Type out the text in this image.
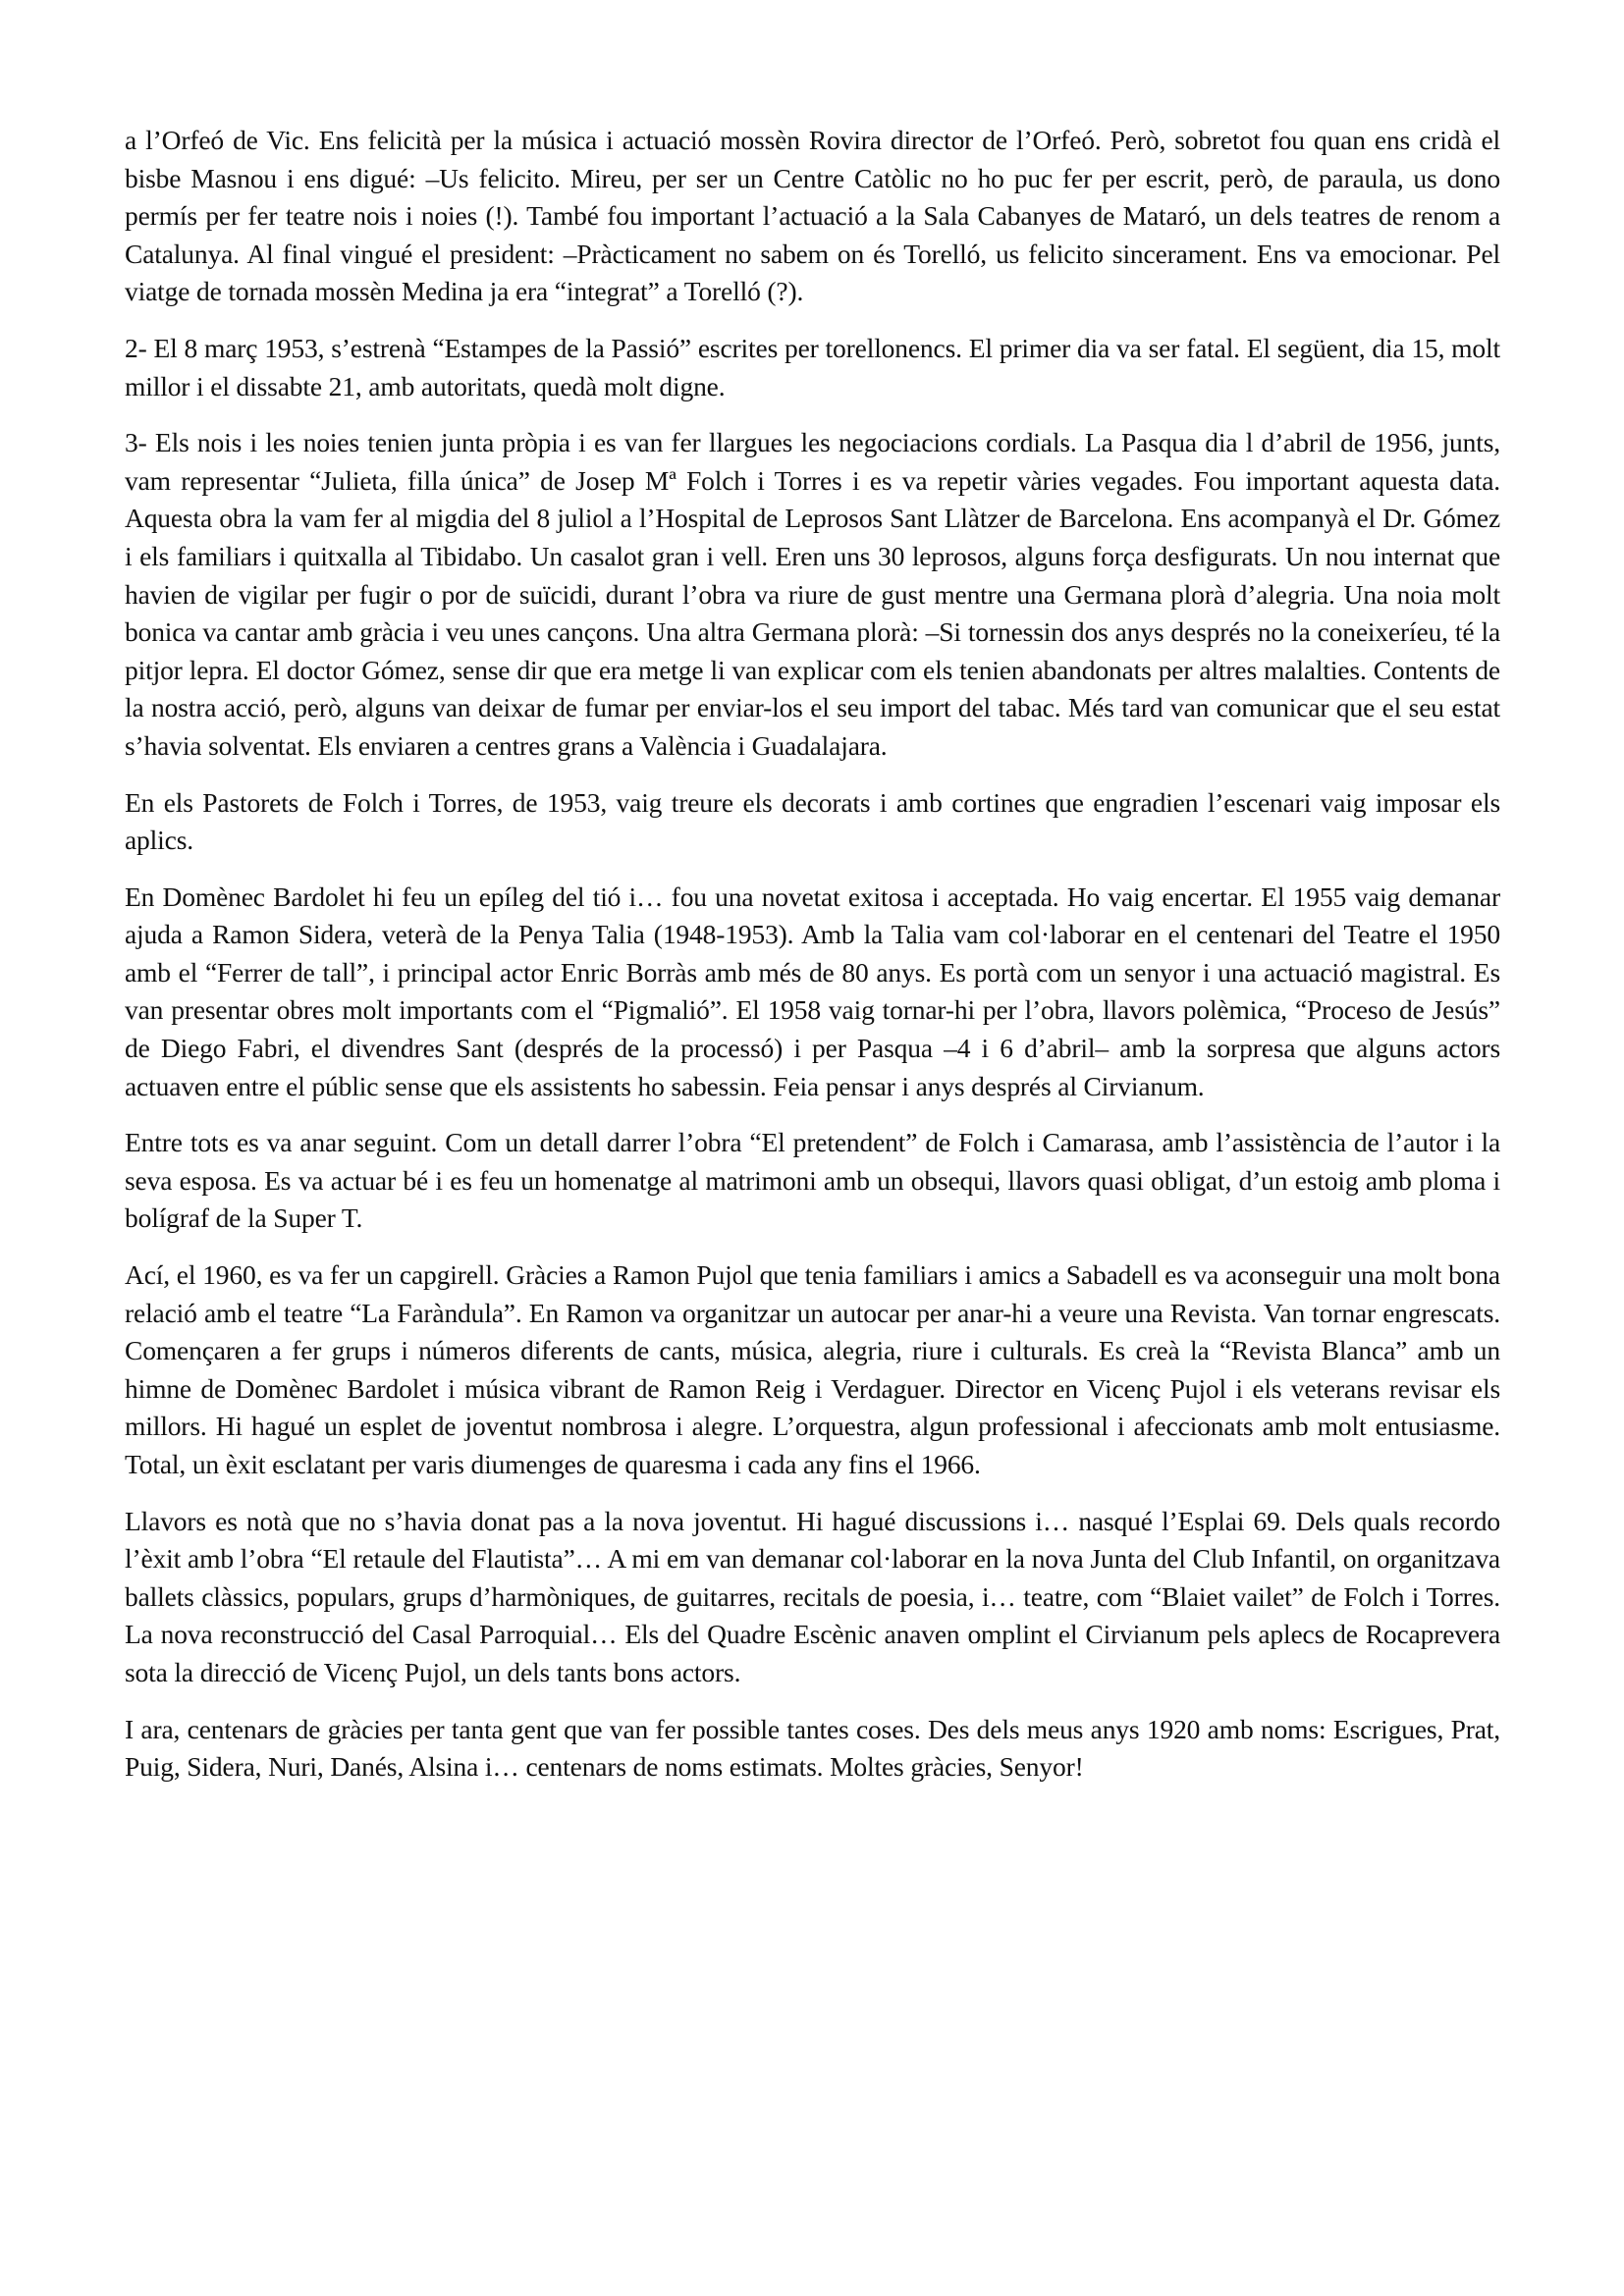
a l’Orfeó de Vic. Ens felicità per la música i actuació mossèn Rovira director de l’Orfeó. Però, sobretot fou quan ens cridà el bisbe Masnou i ens digué: –Us felicito. Mireu, per ser un Centre Catòlic no ho puc fer per escrit, però, de paraula, us dono permís per fer teatre nois i noies (!). També fou important l’actuació a la Sala Cabanyes de Mataró, un dels teatres de renom a Catalunya. Al final vingué el president: –Pràcticament no sabem on és Torelló, us felicito sincerament. Ens va emocionar. Pel viatge de tornada mossèn Medina ja era “integrat” a Torelló (?).

2- El 8 març 1953, s’estrenà “Estampes de la Passió” escrites per torellonencs. El primer dia va ser fatal. El següent, dia 15, molt millor i el dissabte 21, amb autoritats, quedà molt digne.

3- Els nois i les noies tenien junta pròpia i es van fer llargues les negociacions cordials. La Pasqua dia l d’abril de 1956, junts, vam representar “Julieta, filla única” de Josep Mª Folch i Torres i es va repetir vàries vegades. Fou important aquesta data. Aquesta obra la vam fer al migdia del 8 juliol a l’Hospital de Leprosos Sant Llàtzer de Barcelona. Ens acompanyà el Dr. Gómez i els familiars i quitxalla al Tibidabo. Un casalot gran i vell. Eren uns 30 leprosos, alguns força desfigurats. Un nou internat que havien de vigilar per fugir o por de suïcidi, durant l’obra va riure de gust mentre una Germana plorà d’alegria. Una noia molt bonica va cantar amb gràcia i veu unes cançons. Una altra Germana plorà: –Si tornessin dos anys després no la coneixeríeu, té la pitjor lepra. El doctor Gómez, sense dir que era metge li van explicar com els tenien abandonats per altres malalties. Contents de la nostra acció, però, alguns van deixar de fumar per enviar-los el seu import del tabac. Més tard van comunicar que el seu estat s’havia solventat. Els enviaren a centres grans a València i Guadalajara.

En els Pastorets de Folch i Torres, de 1953, vaig treure els decorats i amb cortines que engradien l’escenari vaig imposar els aplics.

En Domènec Bardolet hi feu un epíleg del tió i… fou una novetat exitosa i acceptada. Ho vaig encertar. El 1955 vaig demanar ajuda a Ramon Sidera, veterà de la Penya Talia (1948-1953). Amb la Talia vam col·laborar en el centenari del Teatre el 1950 amb el “Ferrer de tall”, i principal actor Enric Borràs amb més de 80 anys. Es portà com un senyor i una actuació magistral. Es van presentar obres molt importants com el “Pigmalió”. El 1958 vaig tornar-hi per l’obra, llavors polèmica, “Proceso de Jesús” de Diego Fabri, el divendres Sant (després de la processó) i per Pasqua –4 i 6 d’abril– amb la sorpresa que alguns actors actuaven entre el públic sense que els assistents ho sabessin. Feia pensar i anys després al Cirvianum.

Entre tots es va anar seguint. Com un detall darrer l’obra “El pretendent” de Folch i Camarasa, amb l’assistència de l’autor i la seva esposa. Es va actuar bé i es feu un homenatge al matrimoni amb un obsequi, llavors quasi obligat, d’un estoig amb ploma i bolígraf de la Super T.

Ací, el 1960, es va fer un capgirell. Gràcies a Ramon Pujol que tenia familiars i amics a Sabadell es va aconseguir una molt bona relació amb el teatre “La Faràndula”. En Ramon va organitzar un autocar per anar-hi a veure una Revista. Van tornar engrescats. Començaren a fer grups i números diferents de cants, música, alegria, riure i culturals. Es creà la “Revista Blanca” amb un himne de Domènec Bardolet i música vibrant de Ramon Reig i Verdaguer. Director en Vicenç Pujol i els veterans revisar els millors. Hi hagué un esplet de joventut nombrosa i alegre. L’orquestra, algun professional i afeccionats amb molt entusiasme. Total, un èxit esclatant per varis diumenges de quaresma i cada any fins el 1966.

Llavors es notà que no s’havia donat pas a la nova joventut. Hi hagué discussions i… nasqué l’Esplai 69. Dels quals recordo l’èxit amb l’obra “El retaule del Flautista”… A mi em van demanar col·laborar en la nova Junta del Club Infantil, on organitzava ballets clàssics, populars, grups d’harmòniques, de guitarres, recitals de poesia, i… teatre, com “Blaiet vailet” de Folch i Torres. La nova reconstrucció del Casal Parroquial… Els del Quadre Escènic anaven omplint el Cirvianum pels aplecs de Rocaprevera sota la direcció de Vicenç Pujol, un dels tants bons actors.

I ara, centenars de gràcies per tanta gent que van fer possible tantes coses. Des dels meus anys 1920 amb noms: Escrigues, Prat, Puig, Sidera, Nuri, Danés, Alsina i… centenars de noms estimats. Moltes gràcies, Senyor!
